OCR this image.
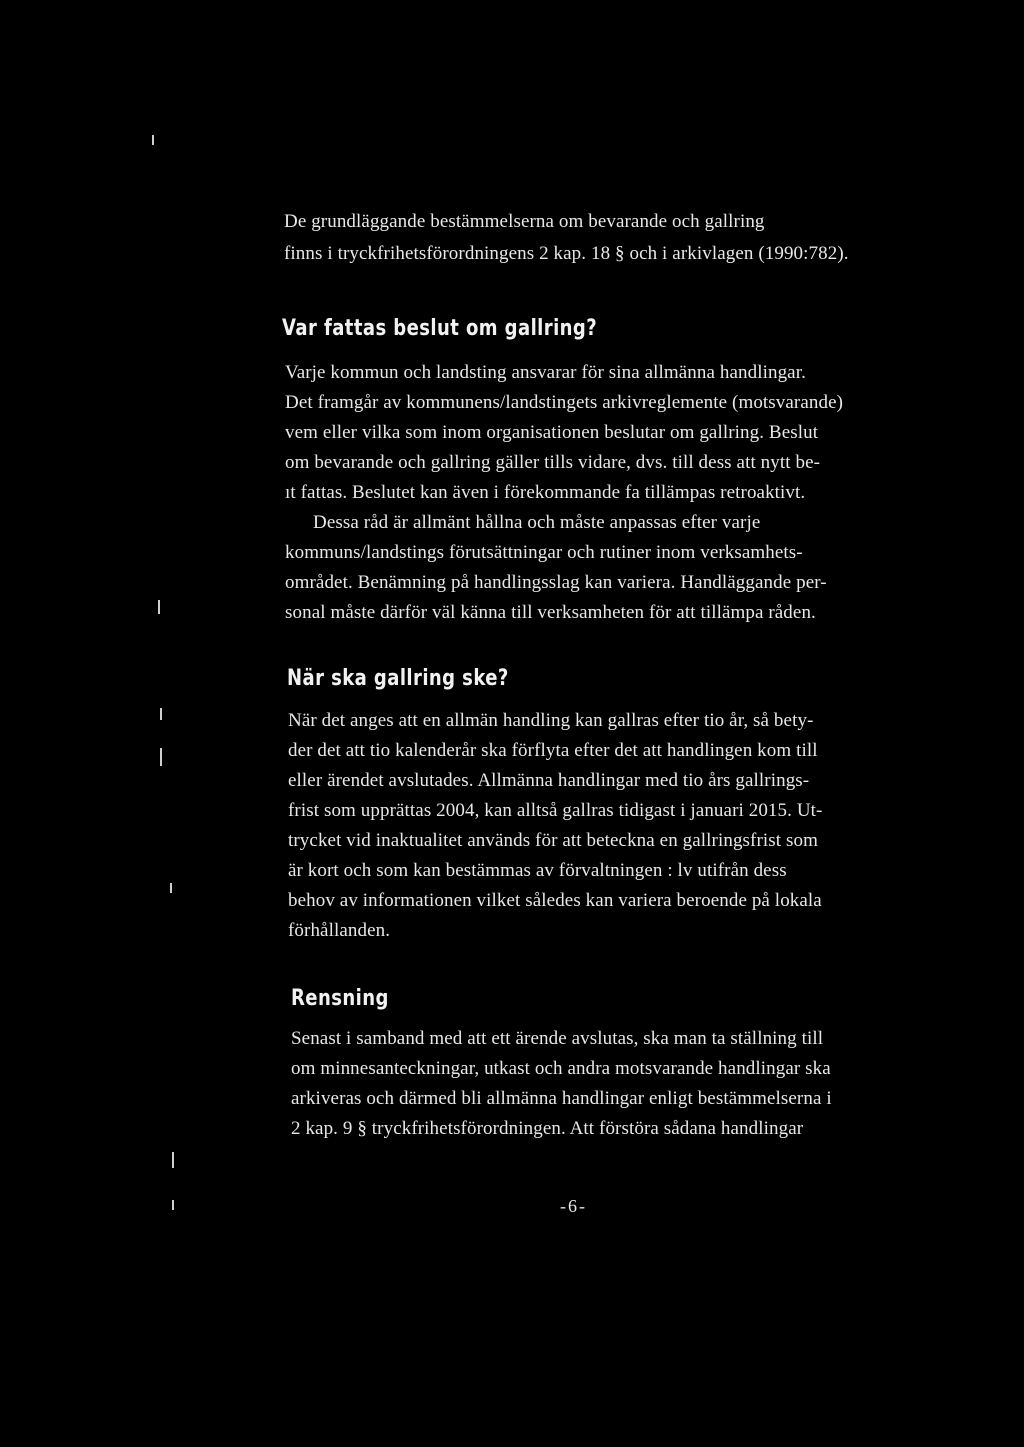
De grundläggande bestämmelserna om bevarande och gallring
finns i tryckfrihetsförordningens 2 kap. 18 § och i arkivlagen (1990:782).
Var fattas beslut om gallring?
Varje kommun och landsting ansvarar för sina allmänna handlingar.
Det framgår av kommunens/landstingets arkivreglemente (motsvarande)
vem eller vilka som inom organisationen beslutar om gallring. Beslut
om bevarande och gallring gäller tills vidare, dvs. till dess att nytt be-
ıt fattas. Beslutet kan även i förekommande fa tillämpas retroaktivt.
Dessa råd är allmänt hållna och måste anpassas efter varje
kommuns/landstings förutsättningar och rutiner inom verksamhets-
området. Benämning på handlingsslag kan variera. Handläggande per-
sonal måste därför väl känna till verksamheten för att tillämpa råden.
När ska gallring ske?
När det anges att en allmän handling kan gallras efter tio år, så bety-
der det att tio kalenderår ska förflyta efter det att handlingen kom till
eller ärendet avslutades. Allmänna handlingar med tio års gallrings-
frist som upprättas 2004, kan alltså gallras tidigast i januari 2015. Ut-
trycket vid inaktualitet används för att beteckna en gallringsfrist som
är kort och som kan bestämmas av förvaltningen : lv utifrån dess
behov av informationen vilket således kan variera beroende på lokala
förhållanden.
Rensning
Senast i samband med att ett ärende avslutas, ska man ta ställning till
om minnesanteckningar, utkast och andra motsvarande handlingar ska
arkiveras och därmed bli allmänna handlingar enligt bestämmelserna i
2 kap. 9 § tryckfrihetsförordningen. Att förstöra sådana handlingar
-6-
